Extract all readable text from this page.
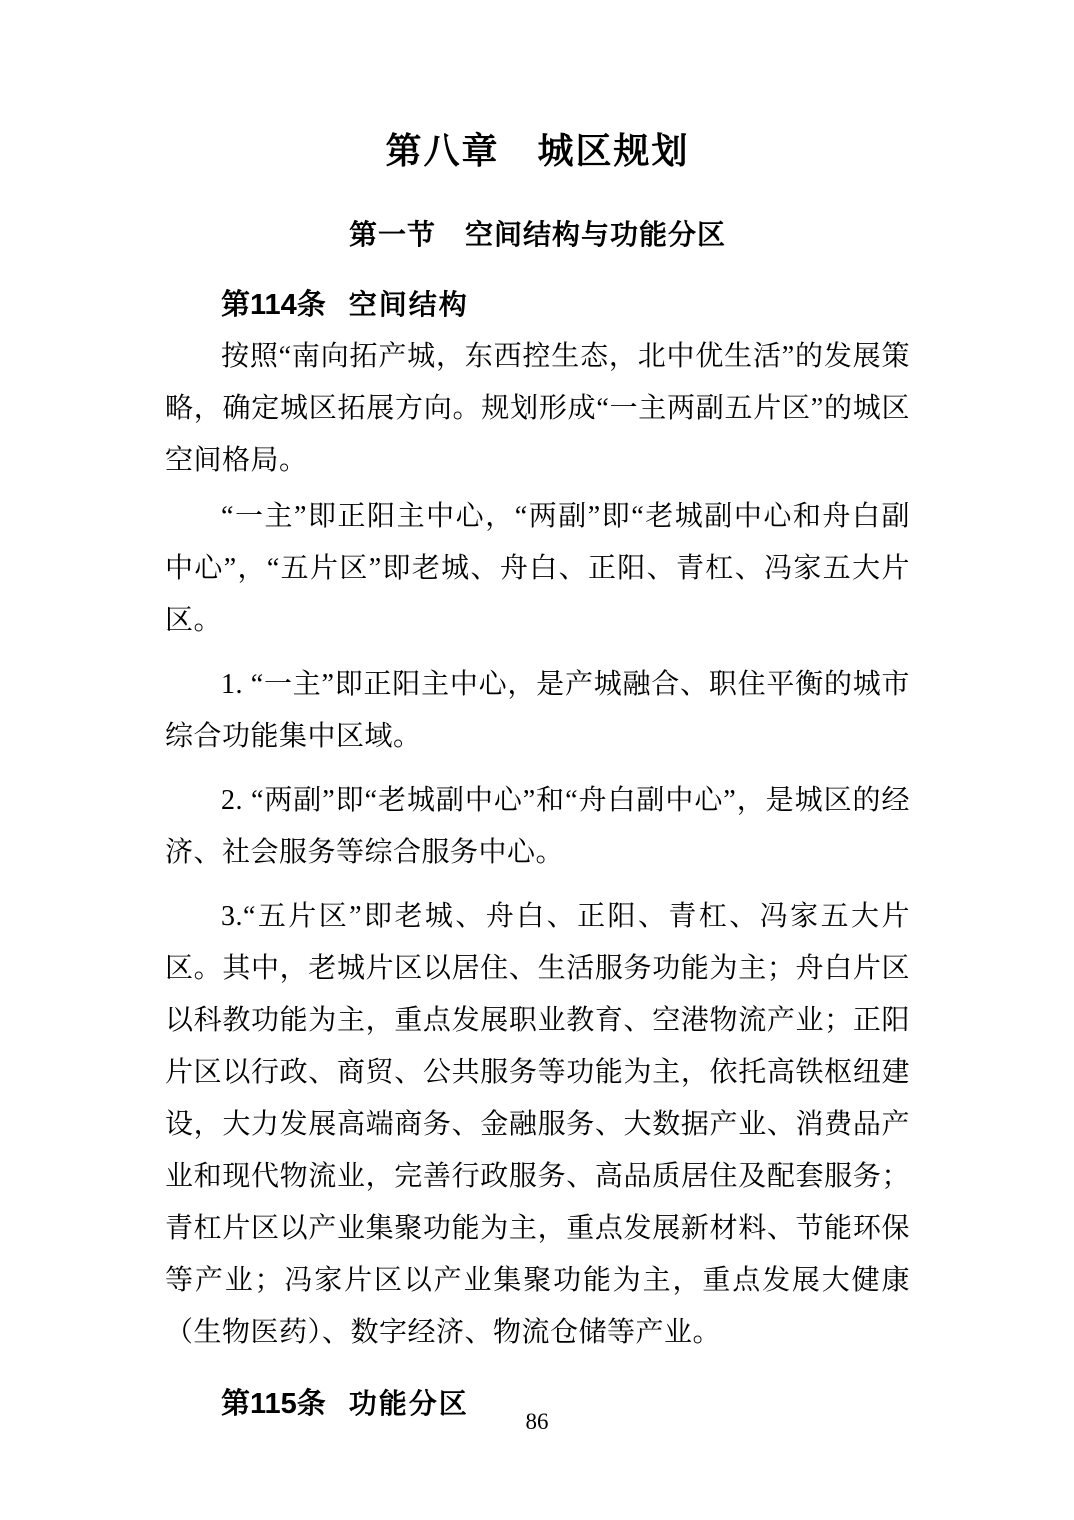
第八章　城区规划
第一节　空间结构与功能分区
第114条 空间结构

按照“南向拓产城，东西控生态，北中优生活”的发展策略，确定城区拓展方向。规划形成“一主两副五片区”的城区空间格局。

“一主”即正阳主中心，“两副”即“老城副中心和舟白副中心”，“五片区”即老城、舟白、正阳、青杠、冯家五大片区。

1. “一主”即正阳主中心，是产城融合、职住平衡的城市综合功能集中区域。

2. “两副”即“老城副中心”和“舟白副中心”，是城区的经济、社会服务等综合服务中心。

3.“五片区”即老城、舟白、正阳、青杠、冯家五大片区。其中，老城片区以居住、生活服务功能为主；舟白片区以科教功能为主，重点发展职业教育、空港物流产业；正阳片区以行政、商贸、公共服务等功能为主，依托高铁枢纽建设，大力发展高端商务、金融服务、大数据产业、消费品产业和现代物流业，完善行政服务、高品质居住及配套服务；青杠片区以产业集聚功能为主，重点发展新材料、节能环保等产业；冯家片区以产业集聚功能为主，重点发展大健康（生物医药）、数字经济、物流仓储等产业。

第115条 功能分区
86
